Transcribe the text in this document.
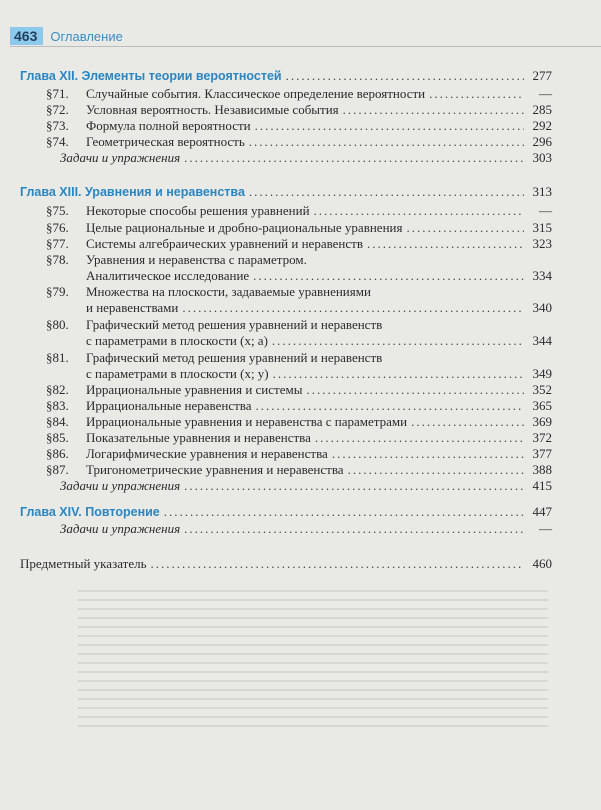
463	Оглавление
Глава XII. Элементы теории вероятностей .....	277
§71. Случайные события. Классическое определение вероятности .....	—
§72. Условная вероятность. Независимые события .....	285
§73. Формула полной вероятности .....	292
§74. Геометрическая вероятность .....	296
Задачи и упражнения .....	303
Глава XIII. Уравнения и неравенства .....	313
§75. Некоторые способы решения уравнений .....	—
§76. Целые рациональные и дробно-рациональные уравнения .....	315
§77. Системы алгебраических уравнений и неравенств .....	323
§78. Уравнения и неравенства с параметром.
Аналитическое исследование .....	334
§79. Множества на плоскости, задаваемые уравнениями
и неравенствами .....	340
§80. Графический метод решения уравнений и неравенств
с параметрами в плоскости (x; a) .....	344
§81. Графический метод решения уравнений и неравенств
с параметрами в плоскости (x; y) .....	349
§82. Иррациональные уравнения и системы .....	352
§83. Иррациональные неравенства .....	365
§84. Иррациональные уравнения и неравенства с параметрами .....	369
§85. Показательные уравнения и неравенства .....	372
§86. Логарифмические уравнения и неравенства .....	377
§87. Тригонометрические уравнения и неравенства .....	388
Задачи и упражнения .....	415
Глава XIV. Повторение .....	447
Задачи и упражнения .....	—
Предметный указатель .....	460
